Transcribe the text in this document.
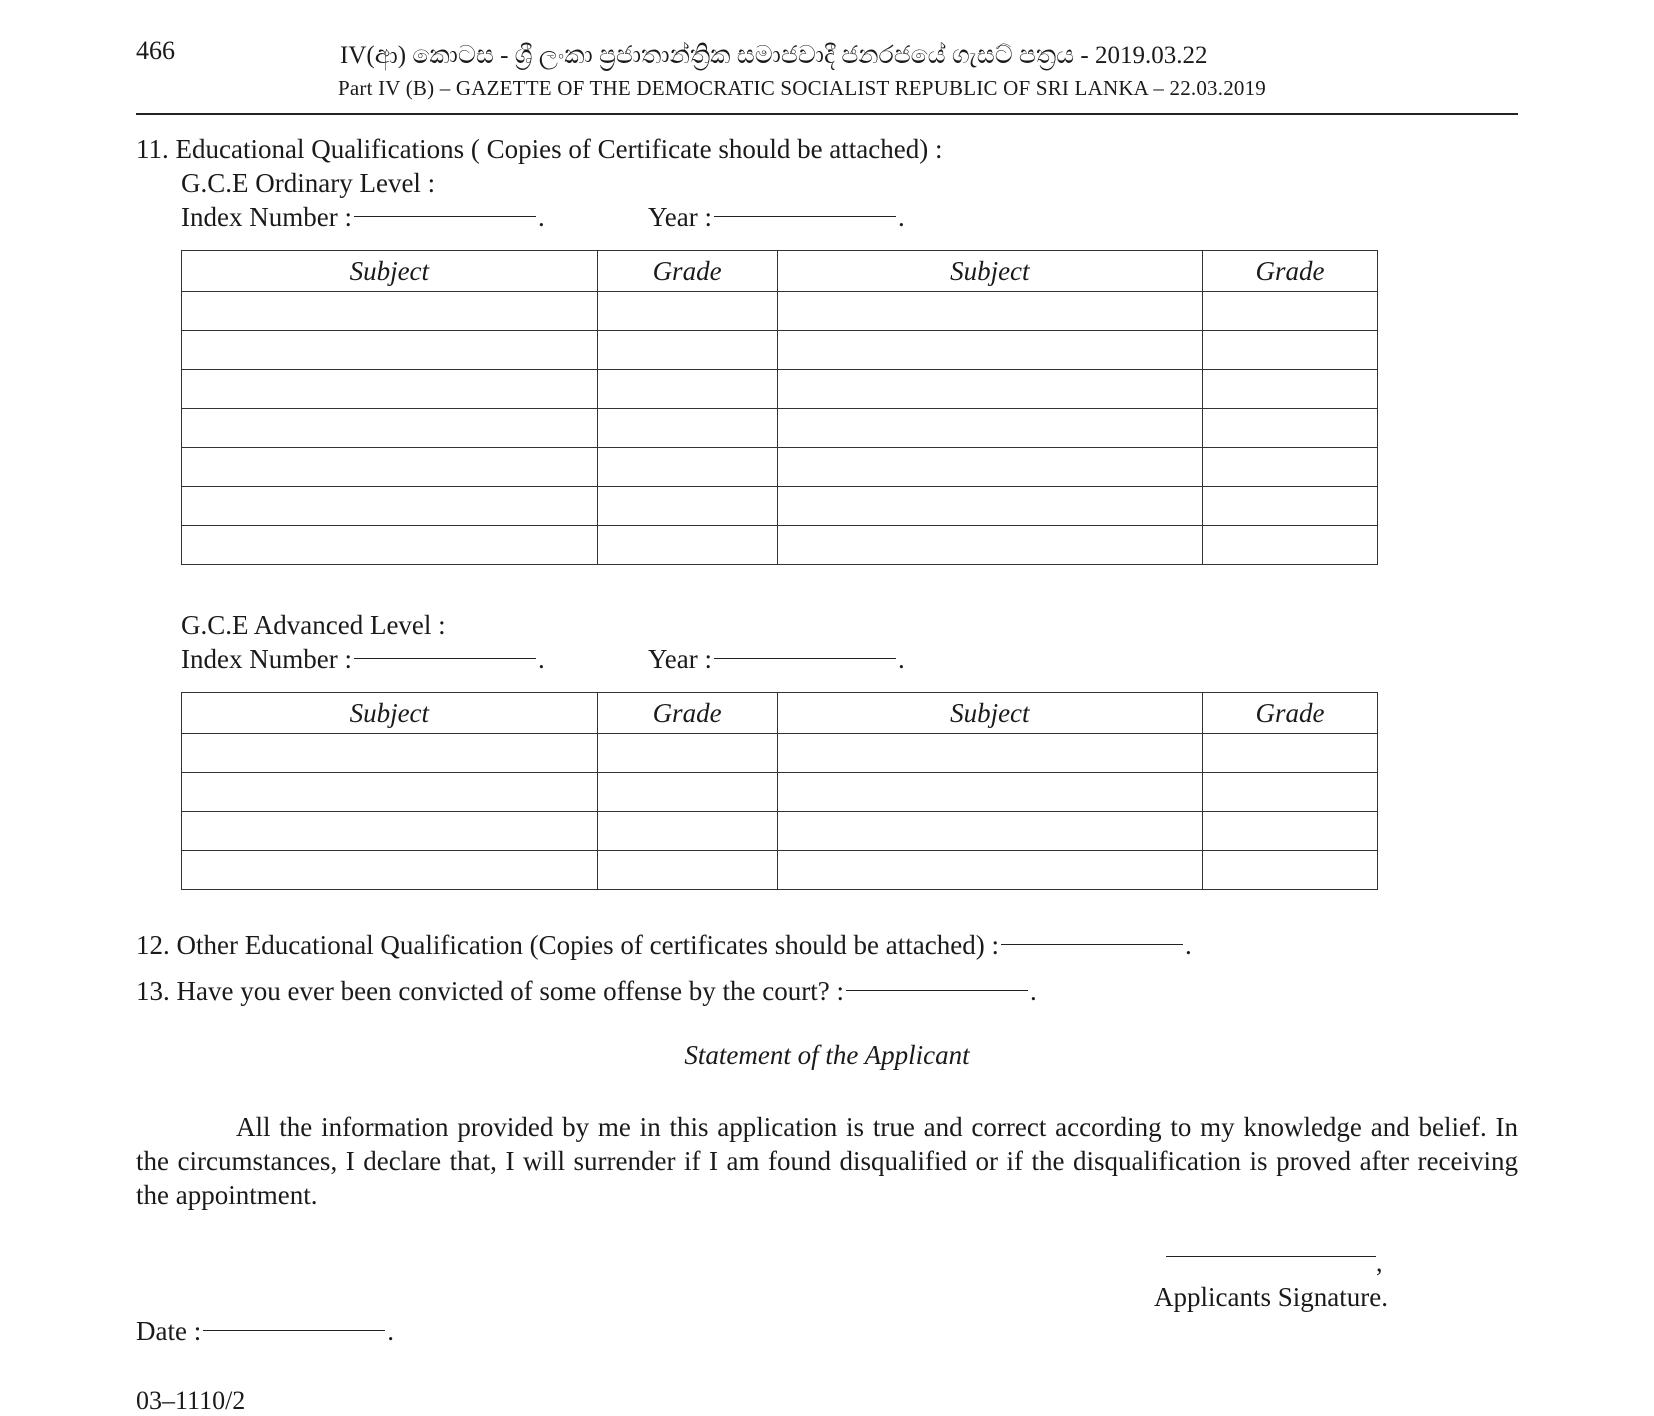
466	IV(ආ) කොටස - ශ්‍රී ලංකා ප්‍රජාතාන්ත්‍රික සමාජවාදී ජනරජයේ ගැසට් පත්‍රය - 2019.03.22
Part IV (B) – GAZETTE OF THE DEMOCRATIC SOCIALIST REPUBLIC OF SRI LANKA – 22.03.2019
11. Educational Qualifications ( Copies of Certificate should be attached) :
G.C.E Ordinary Level :
Index Number :	.	Year :	.
Subject	Grade	Subject	Grade

G.C.E Advanced Level :
Index Number :	.	Year :	.
Subject	Grade	Subject	Grade

12. Other Educational Qualification (Copies of certificates should be attached) :	.
13. Have you ever been convicted of some offense by the court? :	.
Statement of the Applicant
All the information provided by me in this application is true and correct according to my knowledge and belief. In the circumstances, I declare that, I will surrender if I am found disqualified or if the disqualification is proved after receiving the appointment.
,
Applicants Signature.
Date :	.
03–1110/2
